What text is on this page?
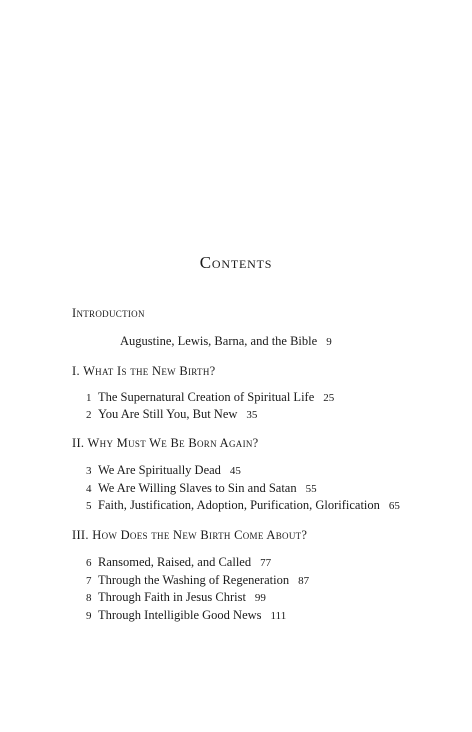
Contents
Introduction
Augustine, Lewis, Barna, and the Bible 9
I. What Is the New Birth?
1 The Supernatural Creation of Spiritual Life 25
2 You Are Still You, But New 35
II. Why Must We Be Born Again?
3 We Are Spiritually Dead 45
4 We Are Willing Slaves to Sin and Satan 55
5 Faith, Justification, Adoption, Purification, Glorification 65
III. How Does the New Birth Come About?
6 Ransomed, Raised, and Called 77
7 Through the Washing of Regeneration 87
8 Through Faith in Jesus Christ 99
9 Through Intelligible Good News 111
